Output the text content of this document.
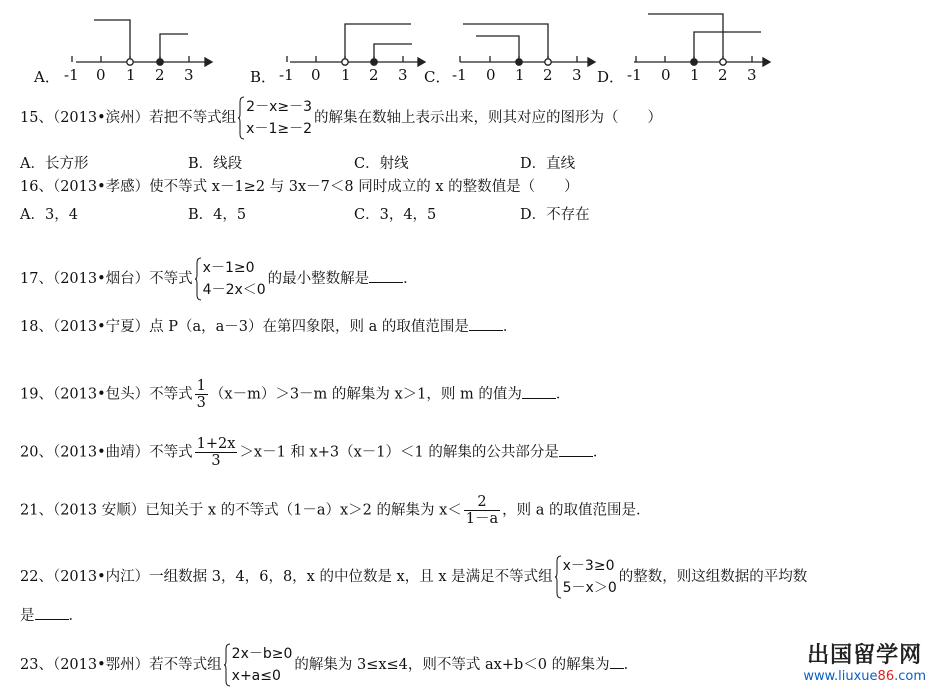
A． -1 0 1 2 3	B． -1 0 1 2 3 C． -1 0 1 2 3 D． -1 0 1 2 3
15、（2013•滨州）若把不等式组
2－x≥－3
x－1≥－2
的解集在数轴上表示出来，则其对应的图形为（　　）
A．长方形	B．线段	C．射线	D．直线
16、（2013•孝感）使不等式 x－1≥2 与 3x－7＜8 同时成立的 x 的整数值是（　　）
A．3，4	B．4，5	C．3，4，5	D．不存在
17、（2013•烟台）不等式
x－1≥0
4－2x＜0
的最小整数解是 ．
18、（2013•宁夏）点 P（a，a－3）在第四象限，则 a 的取值范围是 ．
19、（2013•包头）不等式 $\frac{1}{3} (x-m)>3-m$ 的解集为 x＞1，则 m 的值为 ．
20、（2013•曲靖）不等式 $\frac{1+2x}{3} >x-1$ 和 x+3（x－1）＜1 的解集的公共部分是 ．
21、（2013 安顺）已知关于 x 的不等式（1－a）x＞2 的解集为 $x< \frac{2}{1-a}$ ，则 a 的取值范围是．
22、（2013•内江）一组数据 3，4，6，8，x 的中位数是 x，且 x 是满足不等式组
x－3≥0
5－x＞0
的整数，则这组数据的平均数
是 ．
23、（2013•鄂州）若不等式组
2x－b≥0
x+a≤0
的解集为 3≤x≤4，则不等式 ax+b＜0 的解集为 ．	出国留学网
www.liuxue86.com
